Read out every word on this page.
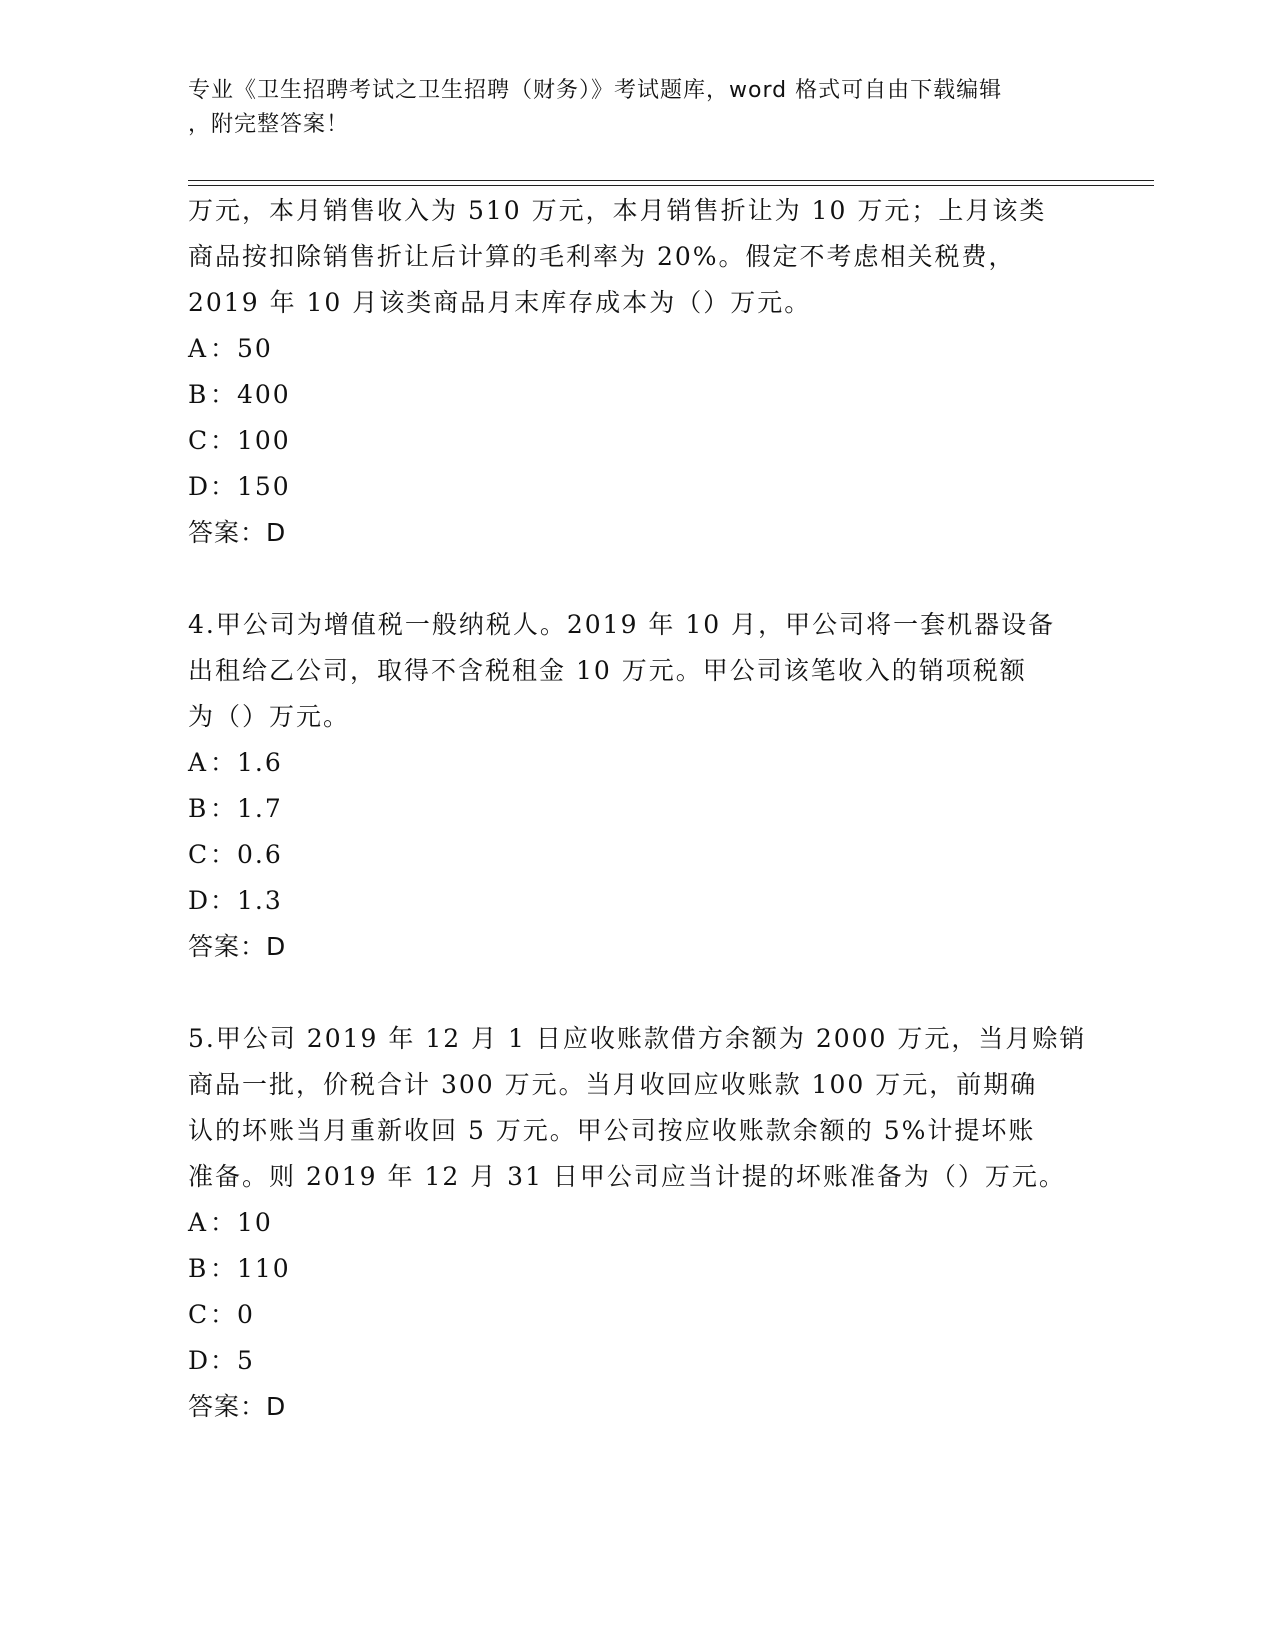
专业《卫生招聘考试之卫生招聘（财务）》考试题库，word 格式可自由下载编辑
，附完整答案！
万元，本月销售收入为 510 万元，本月销售折让为 10 万元；上月该类
商品按扣除销售折让后计算的毛利率为 20%。假定不考虑相关税费，
2019 年 10 月该类商品月末库存成本为（）万元。
A：50
B：400
C：100
D：150
答案：D
4.甲公司为增值税一般纳税人。2019 年 10 月，甲公司将一套机器设备
出租给乙公司，取得不含税租金 10 万元。甲公司该笔收入的销项税额
为（）万元。
A：1.6
B：1.7
C：0.6
D：1.3
答案：D
5.甲公司 2019 年 12 月 1 日应收账款借方余额为 2000 万元，当月赊销
商品一批，价税合计 300 万元。当月收回应收账款 100 万元，前期确
认的坏账当月重新收回 5 万元。甲公司按应收账款余额的 5%计提坏账
准备。则 2019 年 12 月 31 日甲公司应当计提的坏账准备为（）万元。
A：10
B：110
C：0
D：5
答案：D
